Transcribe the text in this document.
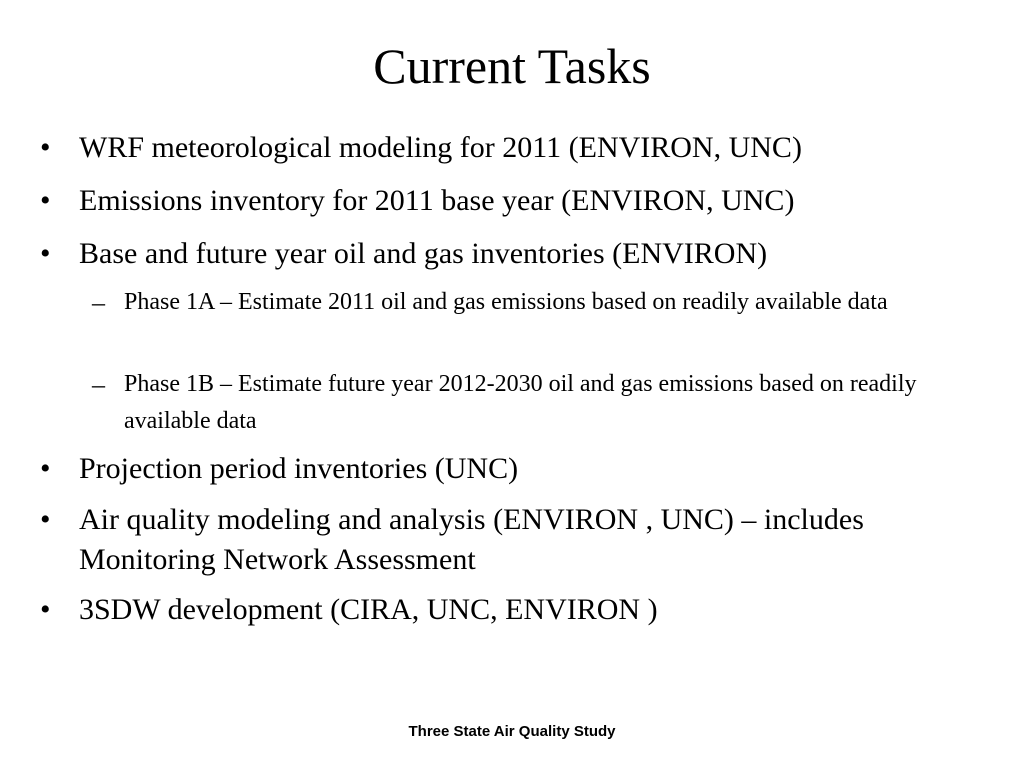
Current Tasks
• WRF meteorological modeling for 2011 (ENVIRON, UNC)
• Emissions inventory for 2011 base year (ENVIRON, UNC)
• Base and future year oil and gas inventories (ENVIRON)
– Phase 1A – Estimate 2011 oil and gas emissions based on readily available data
– Phase 1B – Estimate future year 2012-2030 oil and gas emissions based on readily available data
• Projection period inventories (UNC)
• Air quality modeling and analysis (ENVIRON , UNC) – includes Monitoring Network Assessment
• 3SDW development (CIRA, UNC, ENVIRON )
Three State Air Quality Study
